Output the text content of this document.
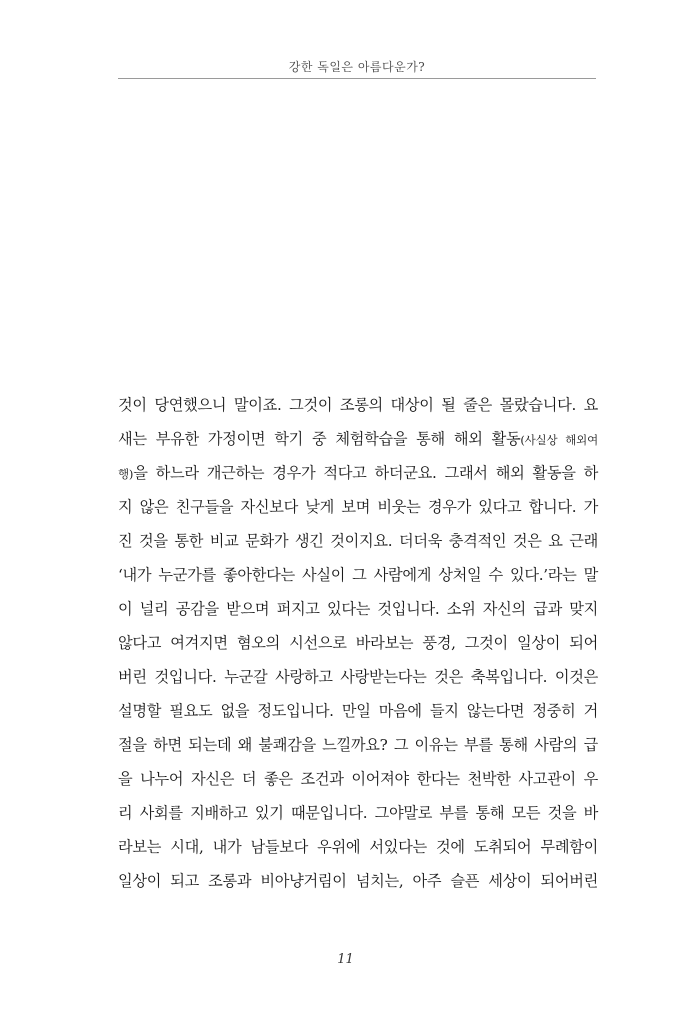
강한 독일은 아름다운가?
것이 당연했으니 말이죠. 그것이 조롱의 대상이 될 줄은 몰랐습니다. 요
새는 부유한 가정이면 학기 중 체험학습을 통해 해외 활동(사실상 해외여
행)을 하느라 개근하는 경우가 적다고 하더군요. 그래서 해외 활동을 하
지 않은 친구들을 자신보다 낮게 보며 비웃는 경우가 있다고 합니다. 가
진 것을 통한 비교 문화가 생긴 것이지요. 더더욱 충격적인 것은 요 근래
‘내가 누군가를 좋아한다는 사실이 그 사람에게 상처일 수 있다.’라는 말
이 널리 공감을 받으며 퍼지고 있다는 것입니다. 소위 자신의 급과 맞지
않다고 여겨지면 혐오의 시선으로 바라보는 풍경, 그것이 일상이 되어
버린 것입니다. 누군갈 사랑하고 사랑받는다는 것은 축복입니다. 이것은
설명할 필요도 없을 정도입니다. 만일 마음에 들지 않는다면 정중히 거
절을 하면 되는데 왜 불쾌감을 느낄까요? 그 이유는 부를 통해 사람의 급
을 나누어 자신은 더 좋은 조건과 이어져야 한다는 천박한 사고관이 우
리 사회를 지배하고 있기 때문입니다. 그야말로 부를 통해 모든 것을 바
라보는 시대, 내가 남들보다 우위에 서있다는 것에 도취되어 무례함이
일상이 되고 조롱과 비아냥거림이 넘치는, 아주 슬픈 세상이 되어버린
11
